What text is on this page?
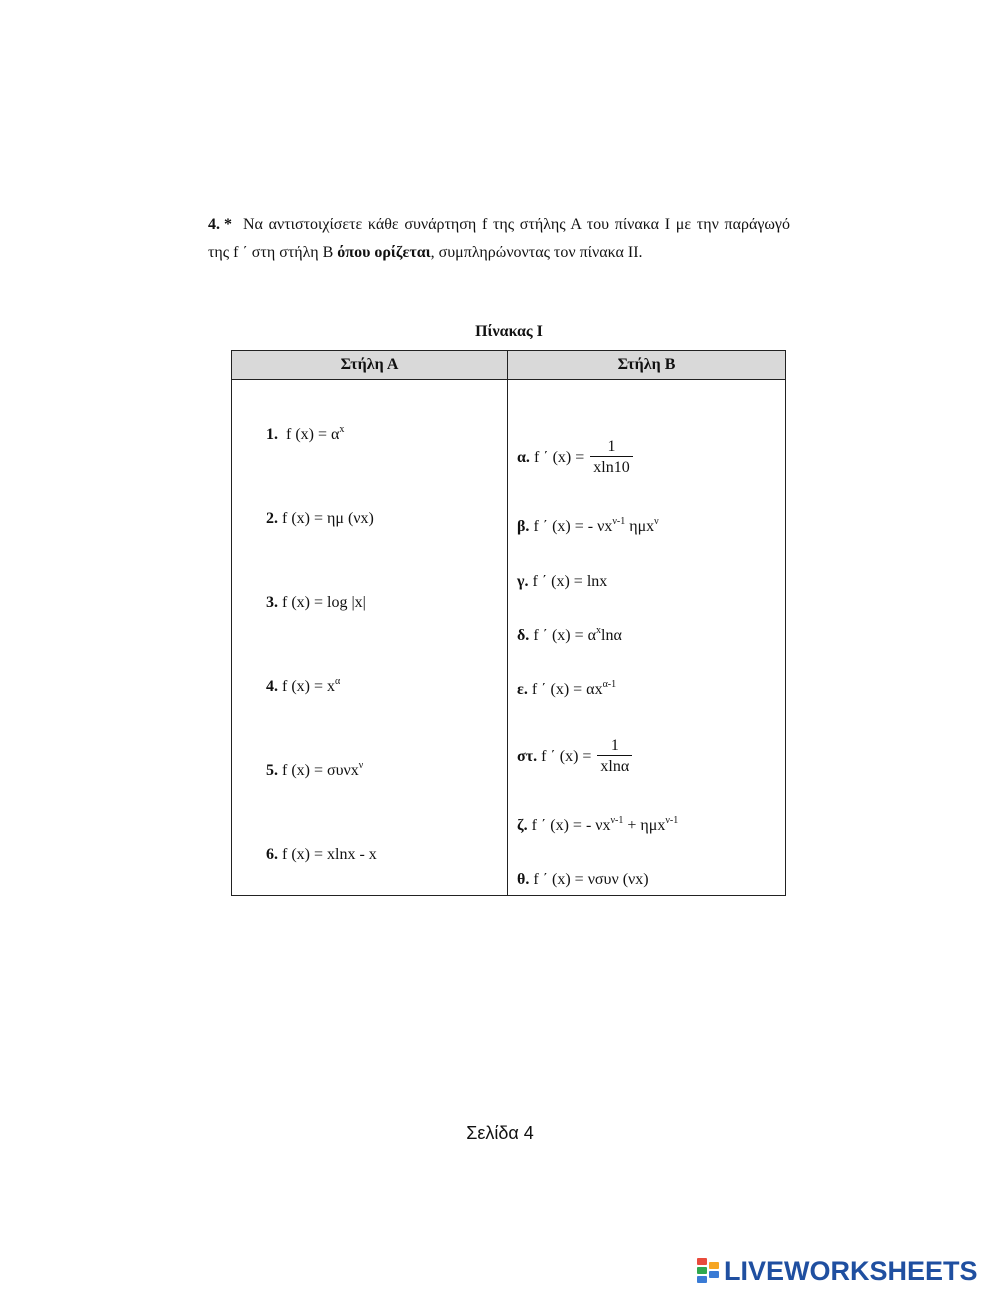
4. * Να αντιστοιχίσετε κάθε συνάρτηση f της στήλης Α του πίνακα Ι με την παράγωγό της f ΄ στη στήλη Β όπου ορίζεται, συμπληρώνοντας τον πίνακα ΙΙ.
Πίνακας Ι
Στήλη Α	Στήλη Β
1. f $(x) = \alpha^x$
2. f (x) = ημ (νx)
3. f (x) = log |x|
4. f $(x) = x^\alpha$
5. f (x) = συνx$^\nu$
6. f (x) = xlnx - x
α.
f ΄ $(x) = \frac{1}{xln10}$
β. f ΄ (x) = - $\nu x^{\nu-1}$ ημx$^\nu$
γ. f ΄ (x) = lnx
δ. f ΄ $(x) = \alpha^x\ln\alpha$
ε. f ΄ $(x) = \alpha x^{\alpha-1}$
στ.
f ΄ $(x) = \frac{1}{xln\alpha}$
ζ. f ΄ (x) = - $\nu x^{\nu-1} + \eta\mu x^{\nu-1}$
θ. f ΄ (x) = νσυν (νx)
Σελίδα 4
LIVEWORKSHEETS
